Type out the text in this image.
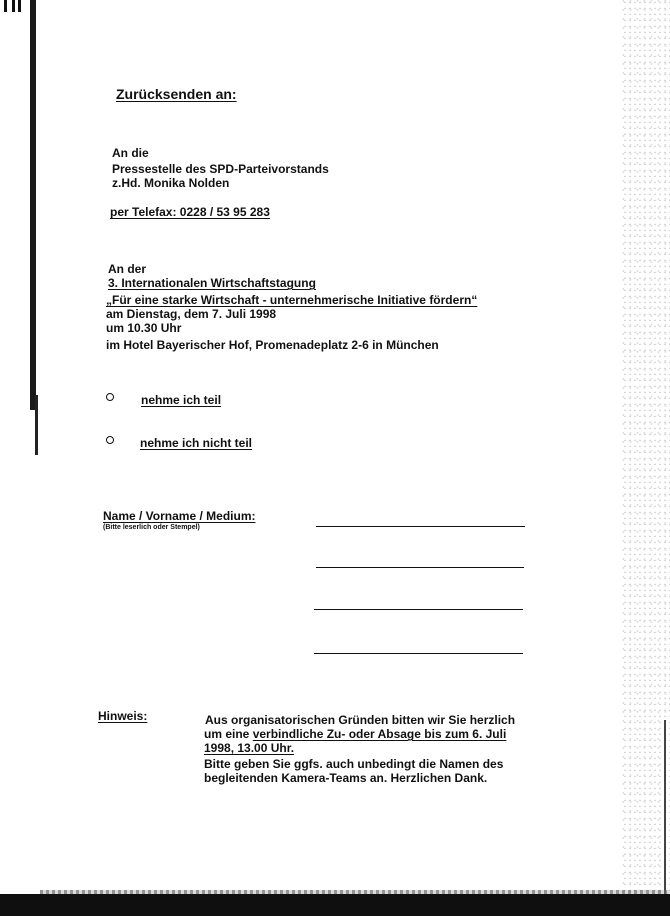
Zurücksenden an:
An die
Pressestelle des SPD-Parteivorstands
z.Hd. Monika Nolden
per Telefax: 0228 / 53 95 283
An der
3. Internationalen Wirtschaftstagung
„Für eine starke Wirtschaft - unternehmerische Initiative fördern“
am Dienstag, dem 7. Juli 1998
um 10.30 Uhr
im Hotel Bayerischer Hof, Promenadeplatz 2-6 in München
nehme ich teil
nehme ich nicht teil
Name / Vorname / Medium:
(Bitte leserlich oder Stempel)
Hinweis:	Aus organisatorischen Gründen bitten wir Sie herzlich
um eine verbindliche Zu- oder Absage bis zum 6. Juli
1998, 13.00 Uhr.
Bitte geben Sie ggfs. auch unbedingt die Namen des
begleitenden Kamera-Teams an. Herzlichen Dank.
